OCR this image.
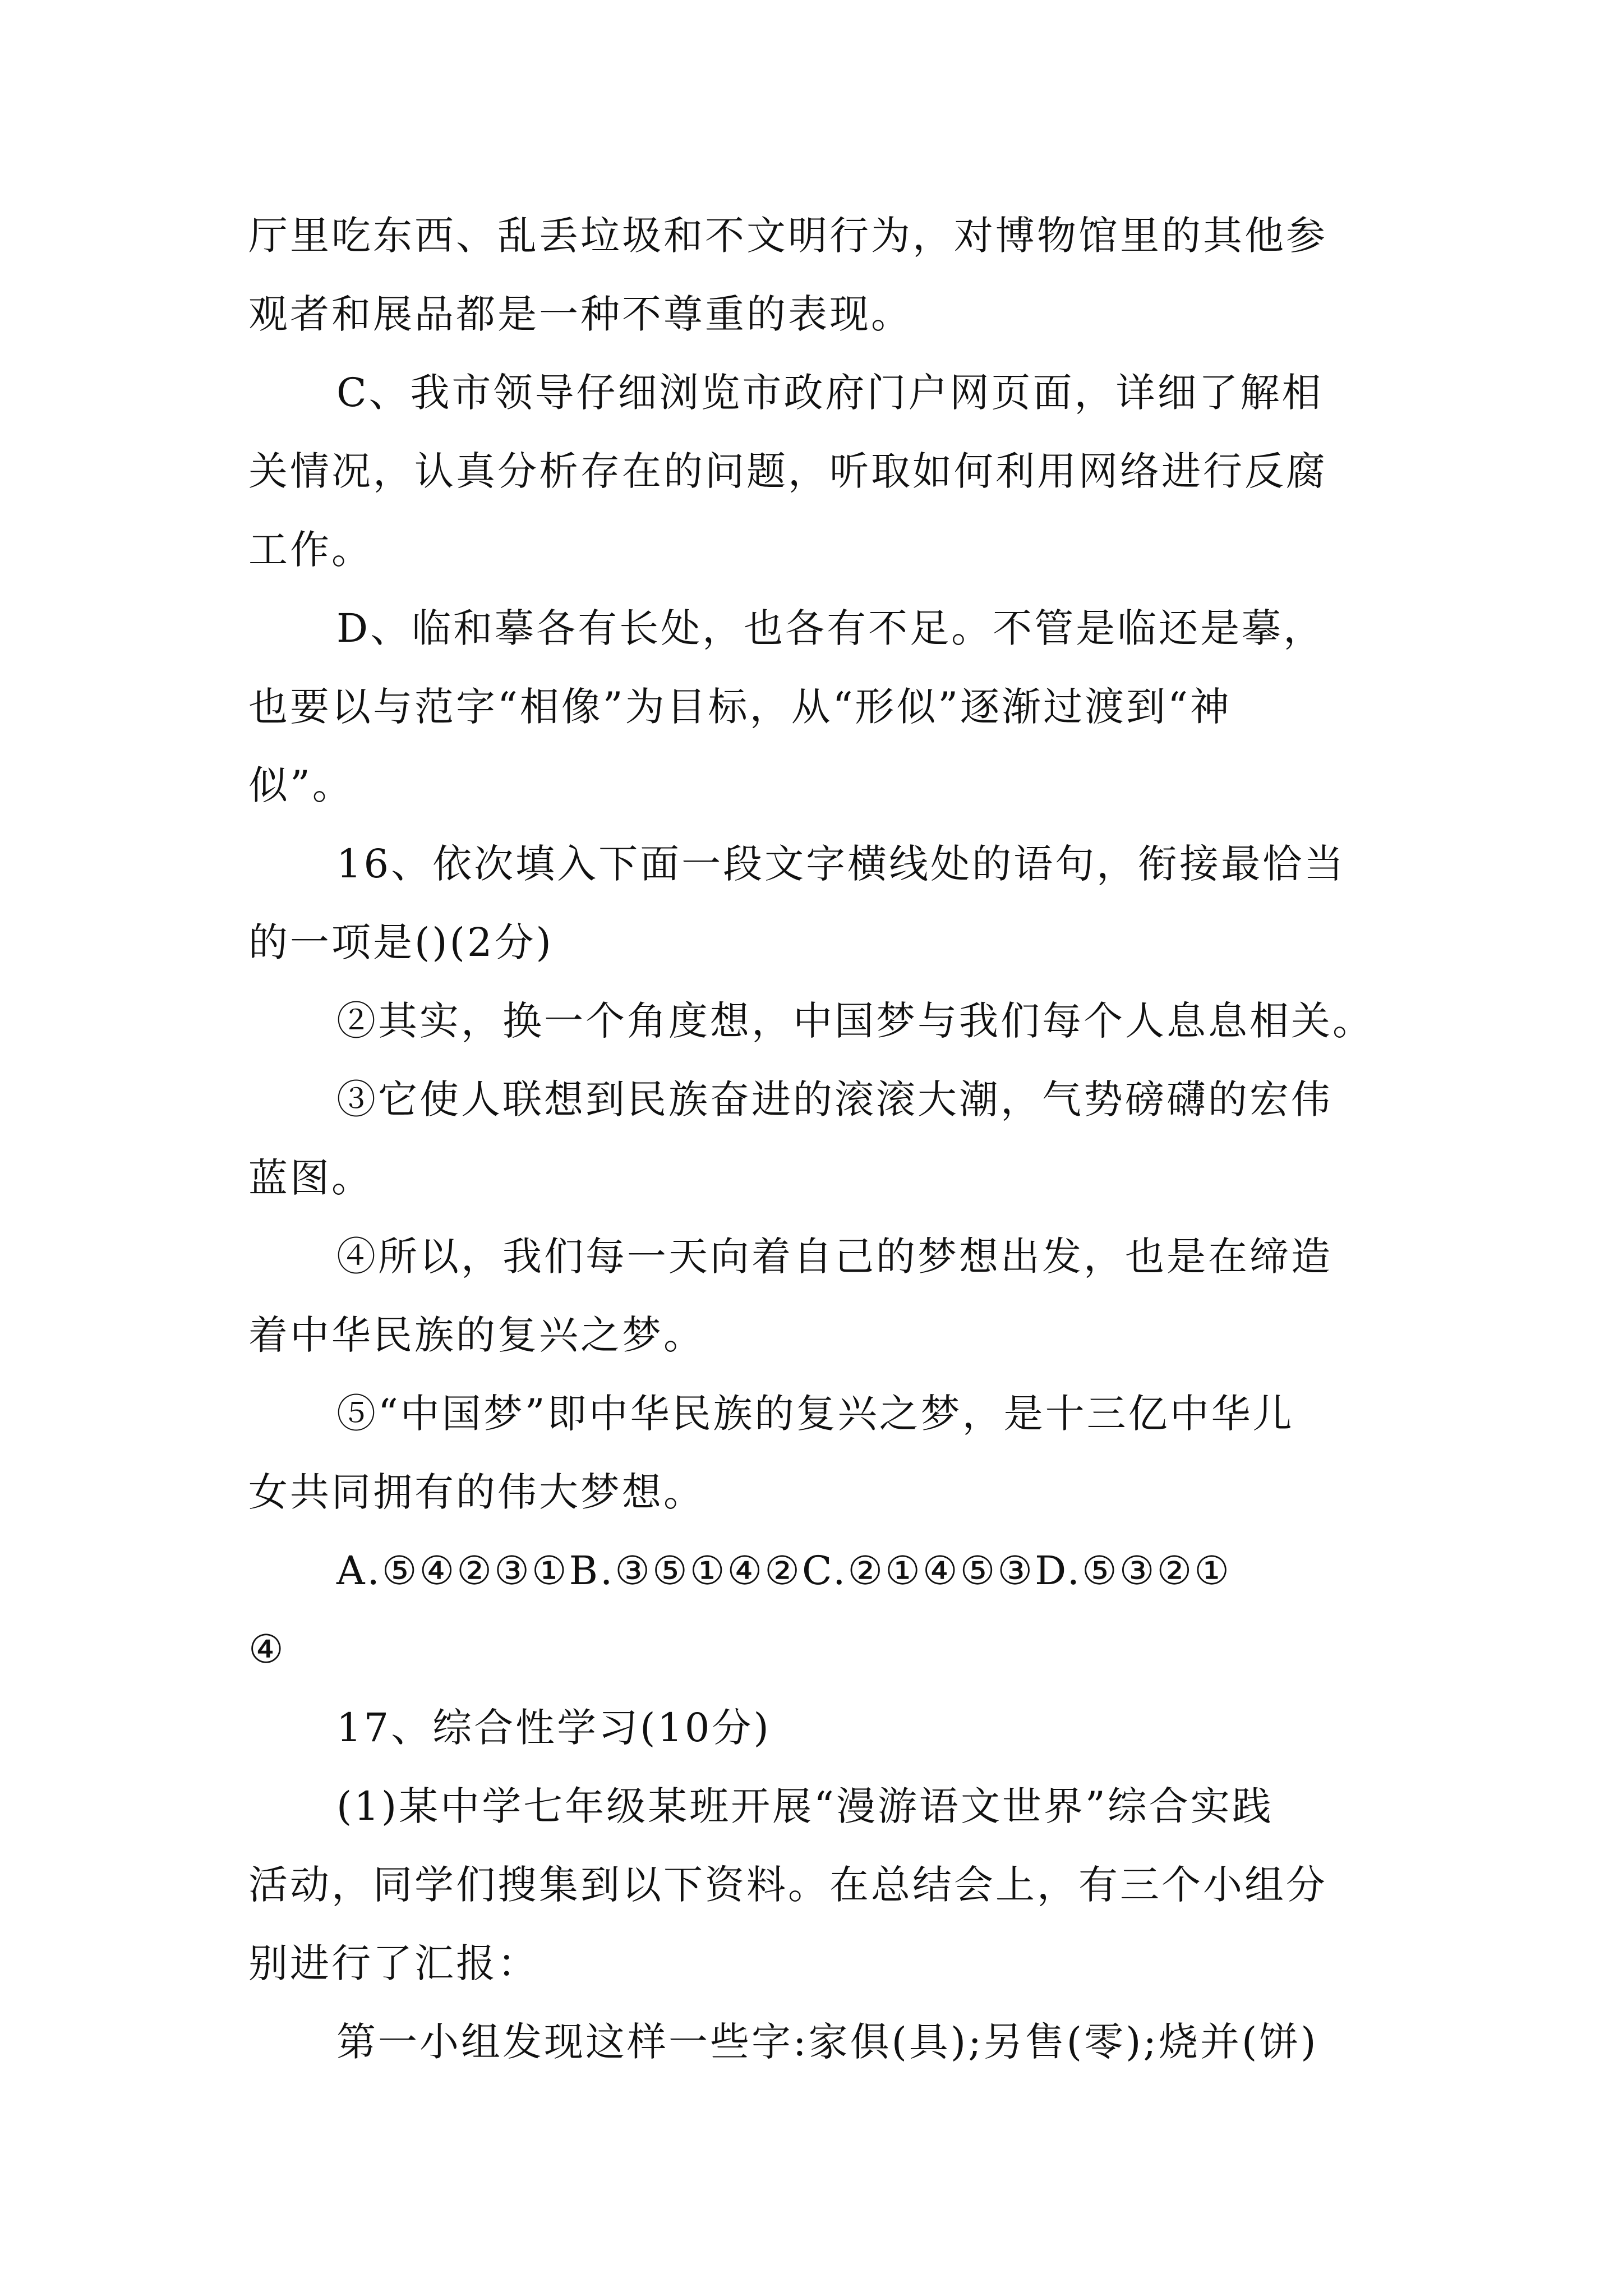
厅里吃东西、乱丢垃圾和不文明行为，对博物馆里的其他参
观者和展品都是一种不尊重的表现。
C、我市领导仔细浏览市政府门户网页面，详细了解相
关情况，认真分析存在的问题，听取如何利用网络进行反腐
工作。
D、临和摹各有长处，也各有不足。不管是临还是摹，
也要以与范字“相像”为目标，从“形似”逐渐过渡到“神
似”。
16、依次填入下面一段文字横线处的语句，衔接最恰当
的一项是()(2分)
②其实，换一个角度想，中国梦与我们每个人息息相关。
③它使人联想到民族奋进的滚滚大潮，气势磅礴的宏伟
蓝图。
④所以，我们每一天向着自己的梦想出发，也是在缔造
着中华民族的复兴之梦。
⑤“中国梦”即中华民族的复兴之梦，是十三亿中华儿
女共同拥有的伟大梦想。
A.⑤④②③①B.③⑤①④②C.②①④⑤③D.⑤③②①
④
17、综合性学习(10分)
(1)某中学七年级某班开展“漫游语文世界”综合实践
活动，同学们搜集到以下资料。在总结会上，有三个小组分
别进行了汇报：
第一小组发现这样一些字:家俱(具);另售(零);烧并(饼)
